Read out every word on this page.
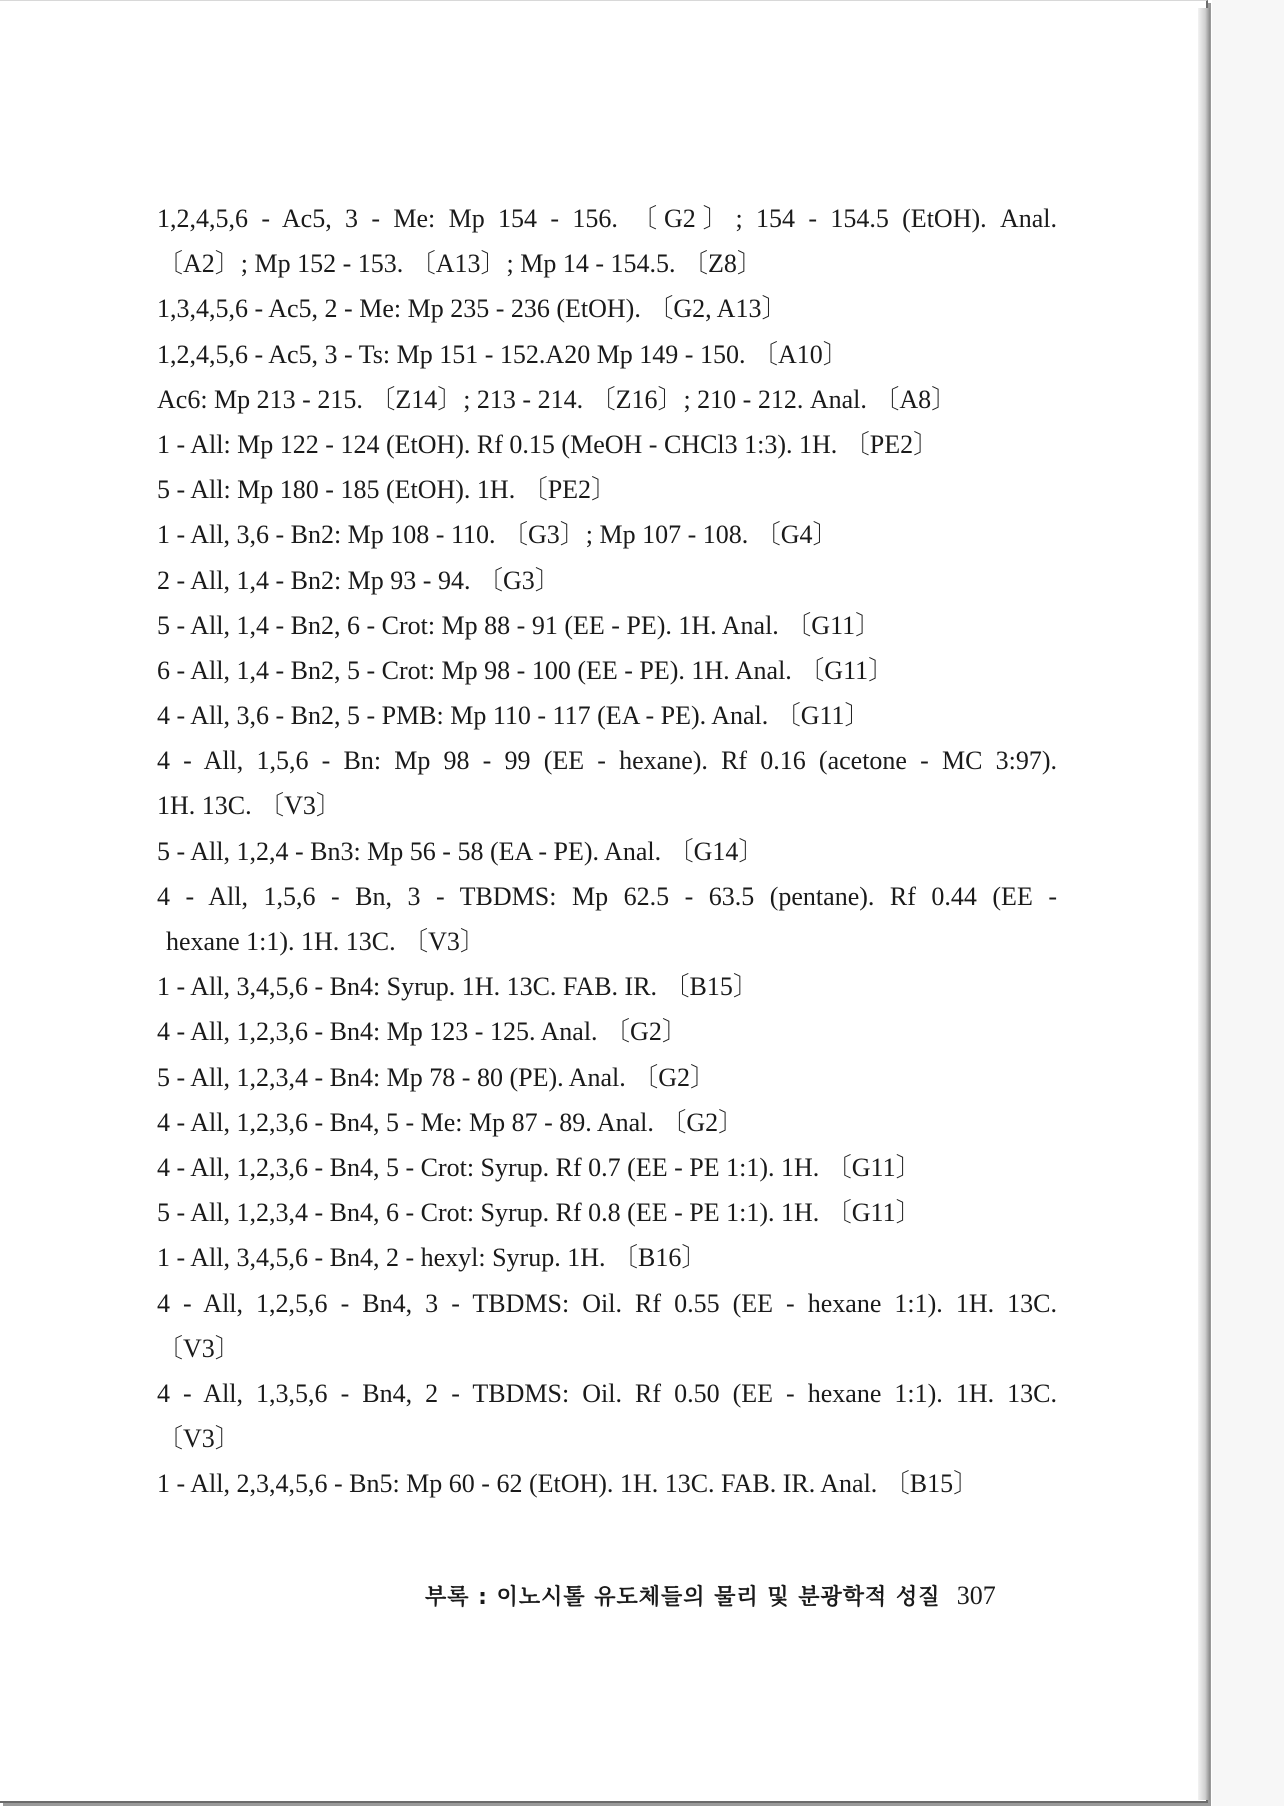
1,2,4,5,6 - Ac5, 3 - Me: Mp 154 - 156. 〔G2〕; 154 - 154.5 (EtOH). Anal.
〔A2〕; Mp 152 - 153. 〔A13〕; Mp 14 - 154.5. 〔Z8〕
1,3,4,5,6 - Ac5, 2 - Me: Mp 235 - 236 (EtOH). 〔G2, A13〕
1,2,4,5,6 - Ac5, 3 - Ts: Mp 151 - 152.A20 Mp 149 - 150. 〔A10〕
Ac6: Mp 213 - 215. 〔Z14〕; 213 - 214. 〔Z16〕; 210 - 212. Anal. 〔A8〕
1 - All: Mp 122 - 124 (EtOH). Rf 0.15 (MeOH - CHCl3 1:3). 1H. 〔PE2〕
5 - All: Mp 180 - 185 (EtOH). 1H. 〔PE2〕
1 - All, 3,6 - Bn2: Mp 108 - 110. 〔G3〕; Mp 107 - 108. 〔G4〕
2 - All, 1,4 - Bn2: Mp 93 - 94. 〔G3〕
5 - All, 1,4 - Bn2, 6 - Crot: Mp 88 - 91 (EE - PE). 1H. Anal. 〔G11〕
6 - All, 1,4 - Bn2, 5 - Crot: Mp 98 - 100 (EE - PE). 1H. Anal. 〔G11〕
4 - All, 3,6 - Bn2, 5 - PMB: Mp 110 - 117 (EA - PE). Anal. 〔G11〕
4 - All, 1,5,6 - Bn: Mp 98 - 99 (EE - hexane). Rf 0.16 (acetone - MC 3:97).
1H. 13C. 〔V3〕
5 - All, 1,2,4 - Bn3: Mp 56 - 58 (EA - PE). Anal. 〔G14〕
4 - All, 1,5,6 - Bn, 3 - TBDMS: Mp 62.5 - 63.5 (pentane). Rf 0.44 (EE -
hexane 1:1). 1H. 13C. 〔V3〕
1 - All, 3,4,5,6 - Bn4: Syrup. 1H. 13C. FAB. IR. 〔B15〕
4 - All, 1,2,3,6 - Bn4: Mp 123 - 125. Anal. 〔G2〕
5 - All, 1,2,3,4 - Bn4: Mp 78 - 80 (PE). Anal. 〔G2〕
4 - All, 1,2,3,6 - Bn4, 5 - Me: Mp 87 - 89. Anal. 〔G2〕
4 - All, 1,2,3,6 - Bn4, 5 - Crot: Syrup. Rf 0.7 (EE - PE 1:1). 1H. 〔G11〕
5 - All, 1,2,3,4 - Bn4, 6 - Crot: Syrup. Rf 0.8 (EE - PE 1:1). 1H. 〔G11〕
1 - All, 3,4,5,6 - Bn4, 2 - hexyl: Syrup. 1H. 〔B16〕
4 - All, 1,2,5,6 - Bn4, 3 - TBDMS: Oil. Rf 0.55 (EE - hexane 1:1). 1H. 13C.
〔V3〕
4 - All, 1,3,5,6 - Bn4, 2 - TBDMS: Oil. Rf 0.50 (EE - hexane 1:1). 1H. 13C.
〔V3〕
1 - All, 2,3,4,5,6 - Bn5: Mp 60 - 62 (EtOH). 1H. 13C. FAB. IR. Anal. 〔B15〕
부록 : 이노시톨 유도체들의 물리 및 분광학적 성질 307
